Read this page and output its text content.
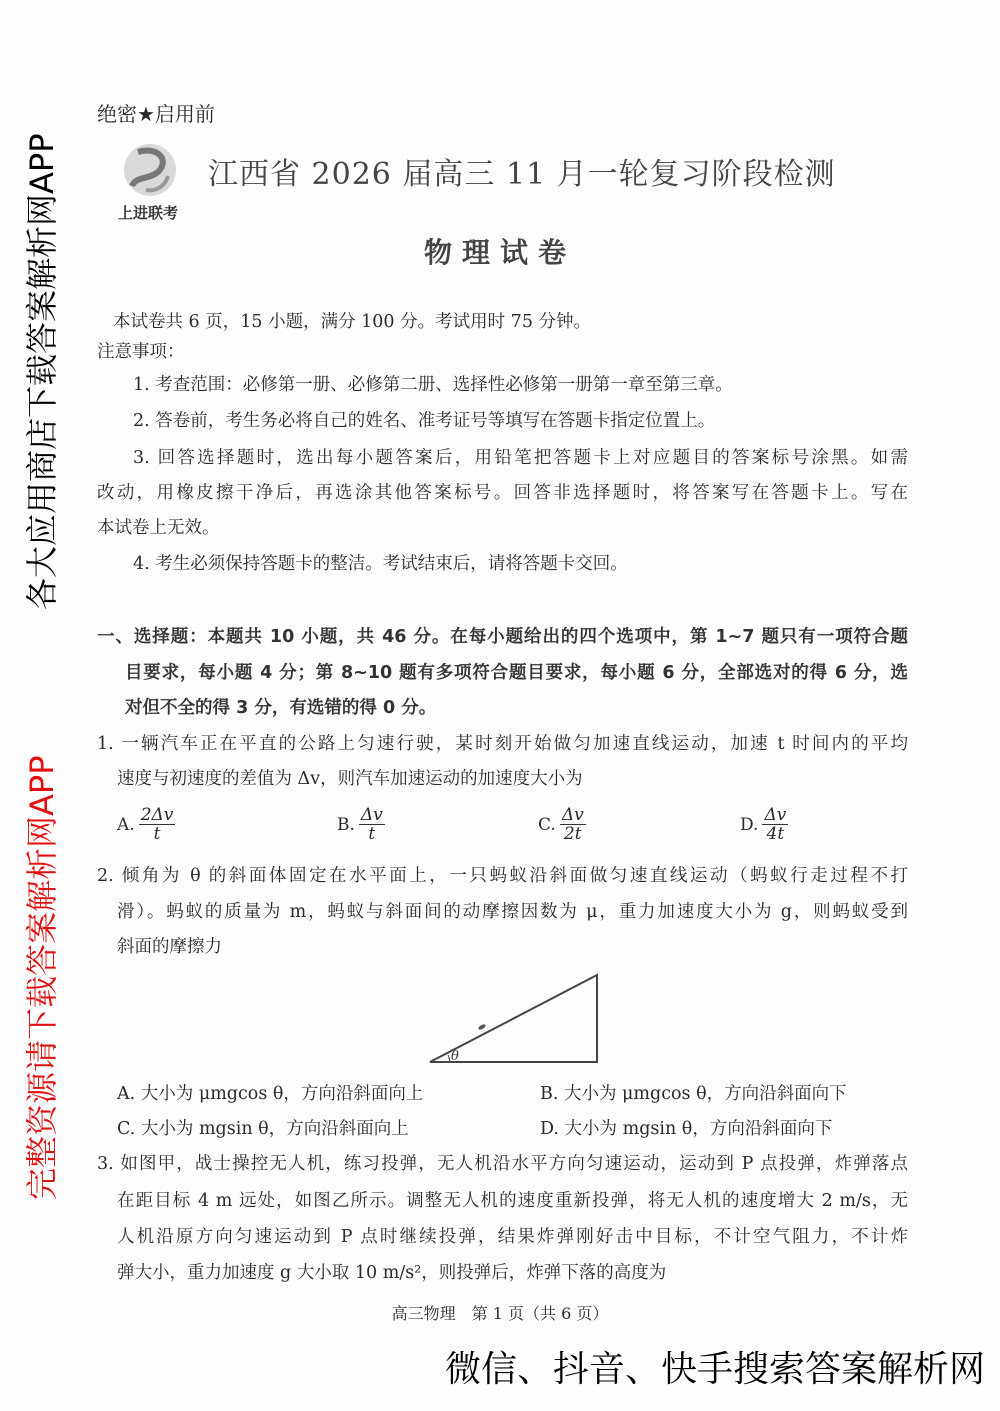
绝密★启用前
上进联考
江西省 2026 届高三 11 月一轮复习阶段检测
物理试卷
本试卷共 6 页，15 小题，满分 100 分。考试用时 75 分钟。
注意事项：
1. 考查范围：必修第一册、必修第二册、选择性必修第一册第一章至第三章。
2. 答卷前，考生务必将自己的姓名、准考证号等填写在答题卡指定位置上。
3. 回答选择题时，选出每小题答案后，用铅笔把答题卡上对应题目的答案标号涂黑。如需
改动，用橡皮擦干净后，再选涂其他答案标号。回答非选择题时，将答案写在答题卡上。写在
本试卷上无效。
4. 考生必须保持答题卡的整洁。考试结束后，请将答题卡交回。
一、选择题：本题共 10 小题，共 46 分。在每小题给出的四个选项中，第 1~7 题只有一项符合题
目要求，每小题 4 分；第 8~10 题有多项符合题目要求，每小题 6 分，全部选对的得 6 分，选
对但不全的得 3 分，有选错的得 0 分。
1. 一辆汽车正在平直的公路上匀速行驶，某时刻开始做匀加速直线运动，加速 t 时间内的平均
速度与初速度的差值为 Δv，则汽车加速运动的加速度大小为
A. $\frac{2\Delta v}{t}$	B. $\frac{\Delta v}{t}$	C. $\frac{\Delta v}{2t}$	D. $\frac{\Delta v}{4t}$
2. 倾角为 θ 的斜面体固定在水平面上，一只蚂蚁沿斜面做匀速直线运动（蚂蚁行走过程不打
滑）。蚂蚁的质量为 m，蚂蚁与斜面间的动摩擦因数为 μ，重力加速度大小为 g，则蚂蚁受到
斜面的摩擦力
θ
A. 大小为 μmgcos θ，方向沿斜面向上	B. 大小为 μmgcos θ，方向沿斜面向下
C. 大小为 mgsin θ，方向沿斜面向上	D. 大小为 mgsin θ，方向沿斜面向下
3. 如图甲，战士操控无人机，练习投弹，无人机沿水平方向匀速运动，运动到 P 点投弹，炸弹落点
在距目标 4 m 远处，如图乙所示。调整无人机的速度重新投弹，将无人机的速度增大 2 m/s，无
人机沿原方向匀速运动到 P 点时继续投弹，结果炸弹刚好击中目标，不计空气阻力，不计炸
弹大小，重力加速度 g 大小取 10 m/s²，则投弹后，炸弹下落的高度为
高三物理　第 1 页（共 6 页）
各大应用商店下载答案解析网APP
完整资源请下载答案解析网APP
微信、抖音、快手搜索答案解析网
